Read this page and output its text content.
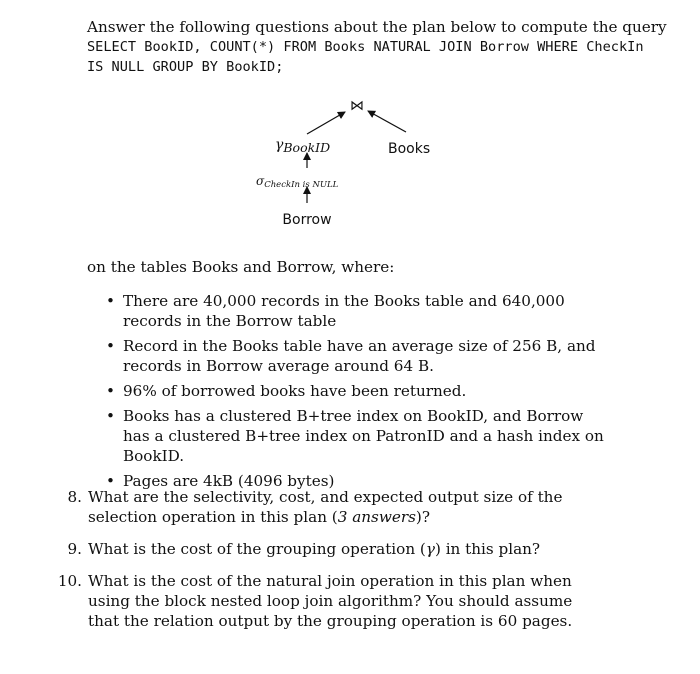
Answer the following questions about the plan below to compute the query
SELECT BookID, COUNT(*) FROM Books NATURAL JOIN Borrow WHERE CheckIn
IS NULL GROUP BY BookID;
⋈
γBookID	Books
σCheckIn is NULL
Borrow
on the tables Books and Borrow, where:
• There are 40,000 records in the Books table and 640,000 records in the Borrow table
• Record in the Books table have an average size of 256 B, and records in Borrow average around 64 B.
• 96% of borrowed books have been returned.
• Books has a clustered B+tree index on BookID, and Borrow has a clustered B+tree index on PatronID and a hash index on BookID.
• Pages are 4kB (4096 bytes)
8. What are the selectivity, cost, and expected output size of the selection operation in this plan (3 answers)?
9. What is the cost of the grouping operation (γ) in this plan?
10. What is the cost of the natural join operation in this plan when using the block nested loop join algorithm? You should assume that the relation output by the grouping operation is 60 pages.
